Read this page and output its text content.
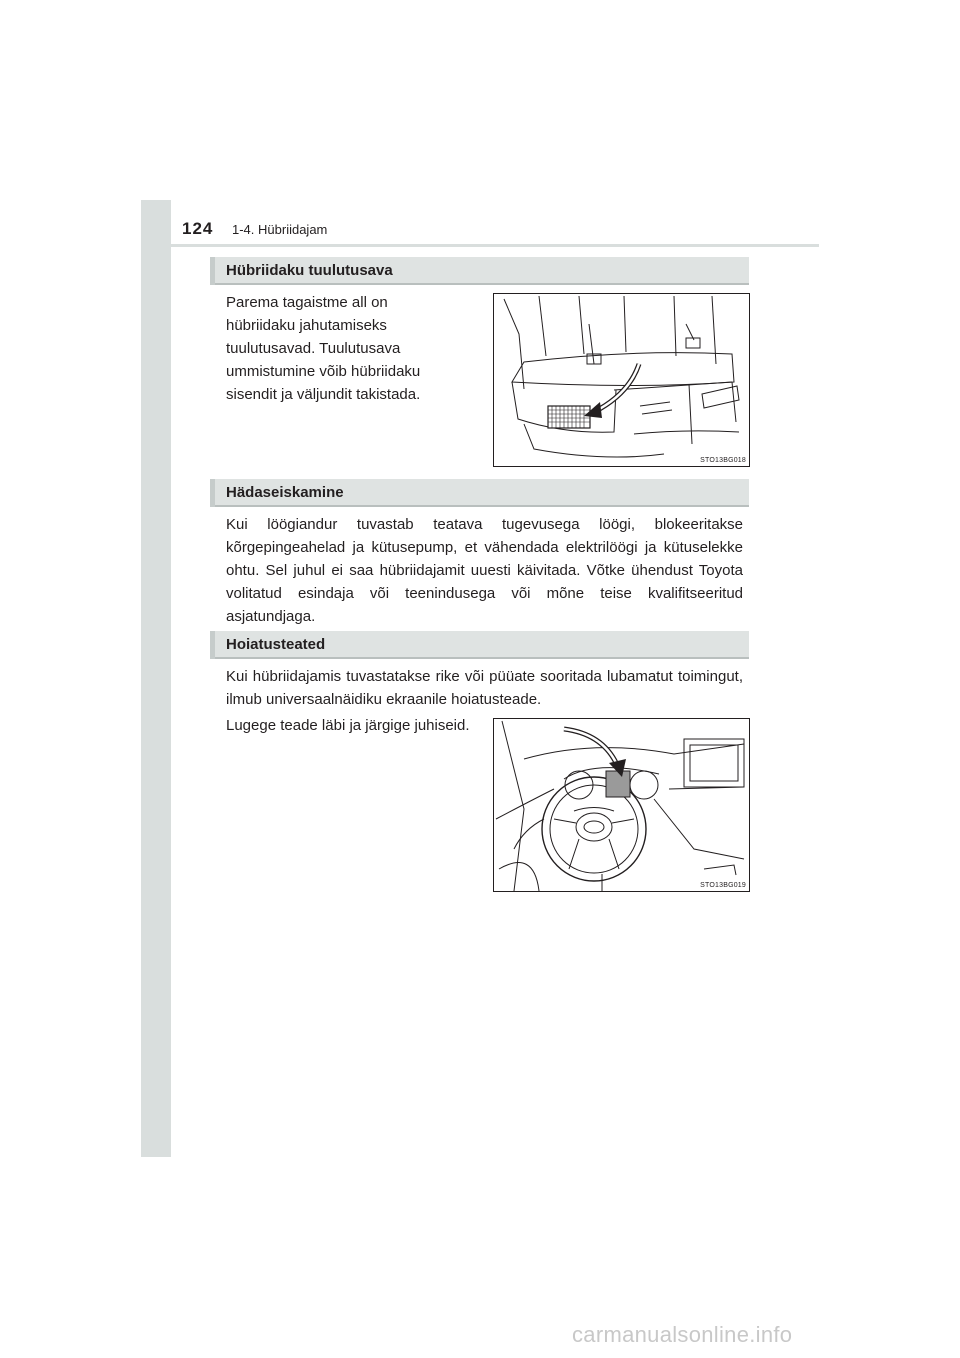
124 1-4. Hübriidajam
Hübriidaku tuulutusava

Parema tagaistme all on hübriidaku jahutamiseks tuulutusavad. Tuulutusava ummistumine võib hübriidaku sisendit ja väljundit takistada.

STO13BG018
Hädaseiskamine

Kui löögiandur tuvastab teatava tugevusega löögi, blokeeritakse kõrgepingeahelad ja kütusepump, et vähendada elektrilöögi ja kütuselekke ohtu. Sel juhul ei saa hübriidajamit uuesti käivitada. Võtke ühendust Toyota volitatud esindaja või teenindusega või mõne teise kvalifitseeritud asjatundjaga.

Hoiatusteated

Kui hübriidajamis tuvastatakse rike või püüate sooritada lubamatut toimingut, ilmub universaalnäidiku ekraanile hoiatusteade.

Lugege teade läbi ja järgige juhiseid.

STO13BG019
carmanualsonline.info
